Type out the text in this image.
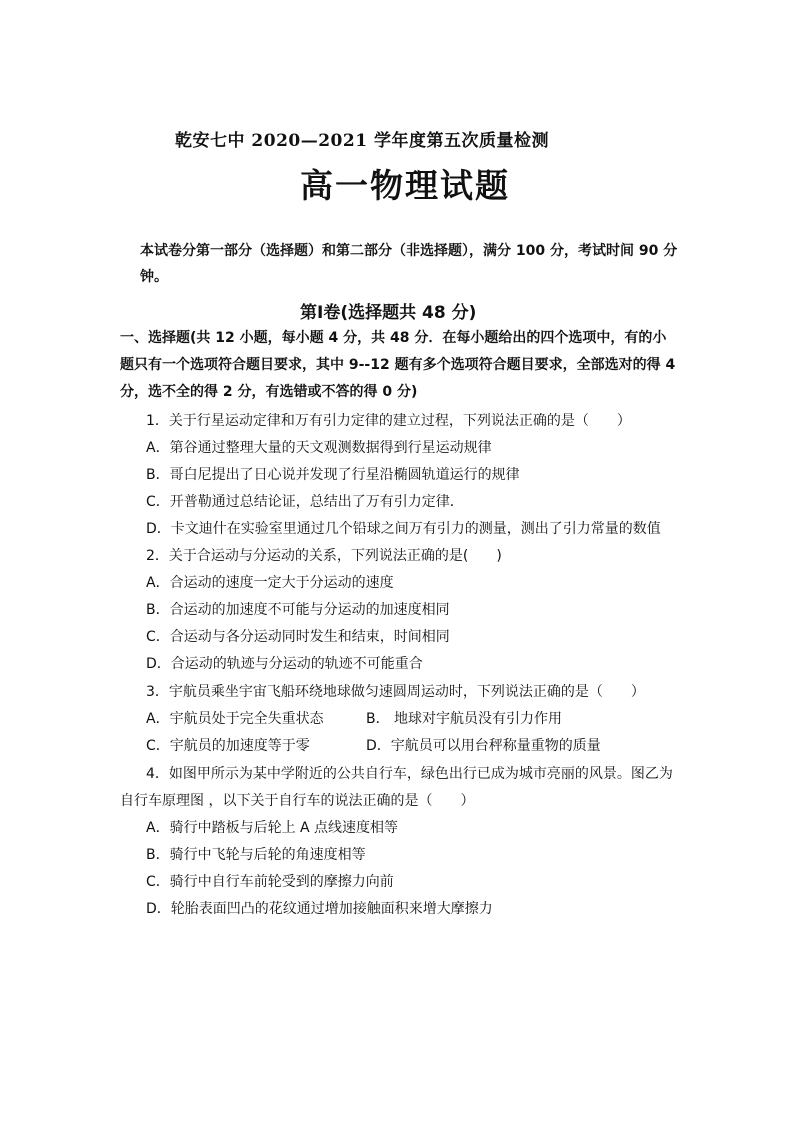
乾安七中 2020—2021 学年度第五次质量检测
高一物理试题
本试卷分第一部分（选择题）和第二部分（非选择题），满分 100 分，考试时间 90 分钟。
第Ⅰ卷(选择题共 48 分)
一、选择题(共 12 小题，每小题 4 分，共 48 分．在每小题给出的四个选项中，有的小题只有一个选项符合题目要求，其中 9--12 题有多个选项符合题目要求，全部选对的得 4 分，选不全的得 2 分，有选错或不答的得 0 分)
1．关于行星运动定律和万有引力定律的建立过程，下列说法正确的是（　　）
A．第谷通过整理大量的天文观测数据得到行星运动规律
B．哥白尼提出了日心说并发现了行星沿椭圆轨道运行的规律
C．开普勒通过总结论证，总结出了万有引力定律．
D．卡文迪什在实验室里通过几个铅球之间万有引力的测量，测出了引力常量的数值
2．关于合运动与分运动的关系，下列说法正确的是(　　)
A．合运动的速度一定大于分运动的速度
B．合运动的加速度不可能与分运动的加速度相同
C．合运动与各分运动同时发生和结束，时间相同
D．合运动的轨迹与分运动的轨迹不可能重合
3．宇航员乘坐宇宙飞船环绕地球做匀速圆周运动时，下列说法正确的是（　　）
A．宇航员处于完全失重状态	B． 地球对宇航员没有引力作用
C．宇航员的加速度等于零	D．宇航员可以用台秤称量重物的质量
4．如图甲所示为某中学附近的公共自行车，绿色出行已成为城市亮丽的风景。图乙为
自行车原理图 ，以下关于自行车的说法正确的是（　　）
A．骑行中踏板与后轮上 A 点线速度相等
B．骑行中飞轮与后轮的角速度相等
C．骑行中自行车前轮受到的摩擦力向前
D．轮胎表面凹凸的花纹通过增加接触面积来增大摩擦力
